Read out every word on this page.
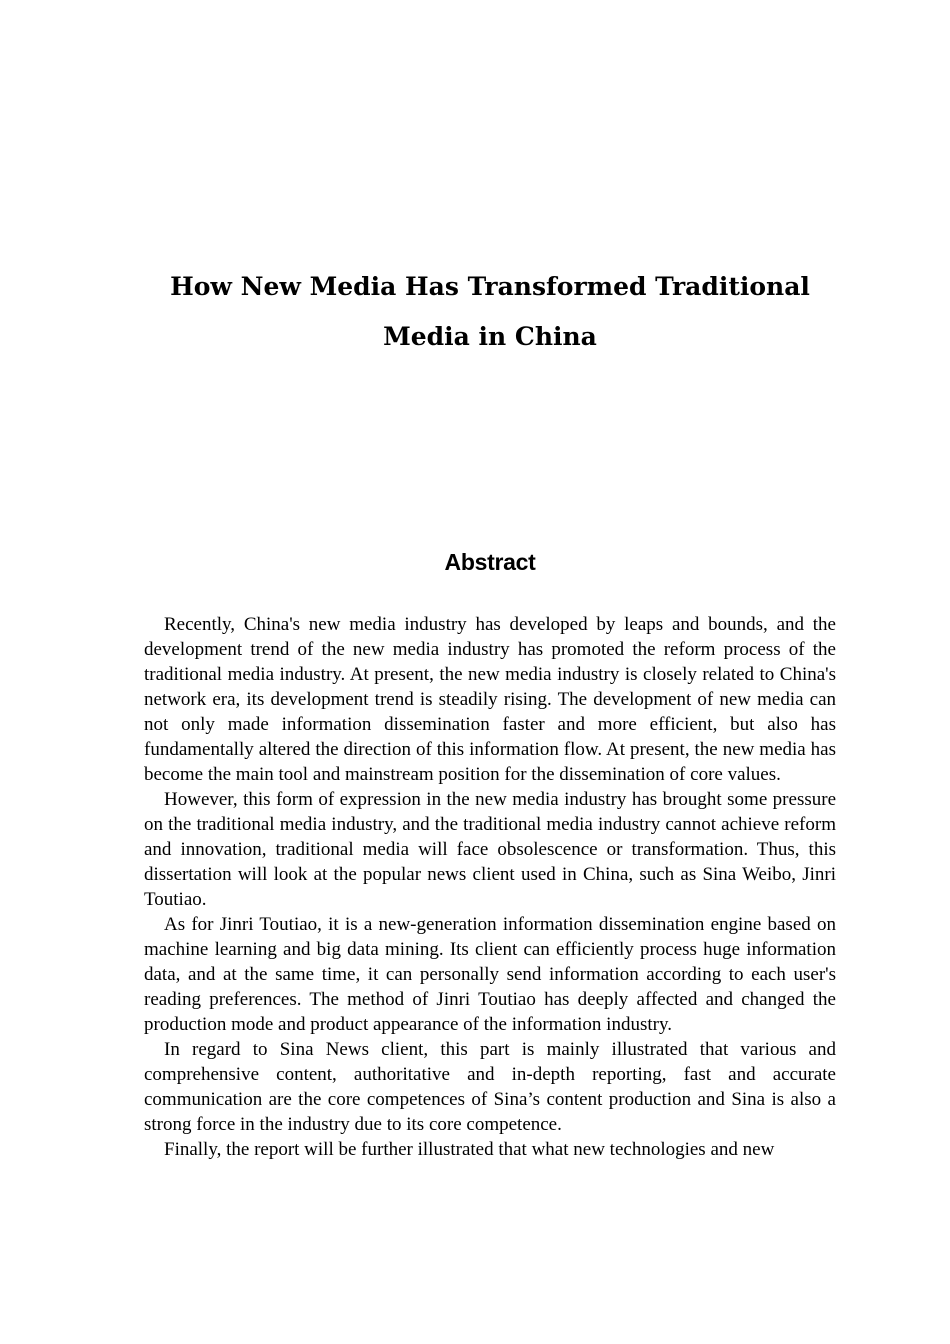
How New Media Has Transformed Traditional Media in China
Abstract

Recently, China's new media industry has developed by leaps and bounds, and the development trend of the new media industry has promoted the reform process of the traditional media industry. At present, the new media industry is closely related to China's network era, its development trend is steadily rising. The development of new media can not only made information dissemination faster and more efficient, but also has fundamentally altered the direction of this information flow. At present, the new media has become the main tool and mainstream position for the dissemination of core values.

However, this form of expression in the new media industry has brought some pressure on the traditional media industry, and the traditional media industry cannot achieve reform and innovation, traditional media will face obsolescence or transformation. Thus, this dissertation will look at the popular news client used in China, such as Sina Weibo, Jinri Toutiao.

As for Jinri Toutiao, it is a new-generation information dissemination engine based on machine learning and big data mining. Its client can efficiently process huge information data, and at the same time, it can personally send information according to each user's reading preferences. The method of Jinri Toutiao has deeply affected and changed the production mode and product appearance of the information industry.

In regard to Sina News client, this part is mainly illustrated that various and comprehensive content, authoritative and in-depth reporting, fast and accurate communication are the core competences of Sina’s content production and Sina is also a strong force in the industry due to its core competence.

Finally, the report will be further illustrated that what new technologies and new
